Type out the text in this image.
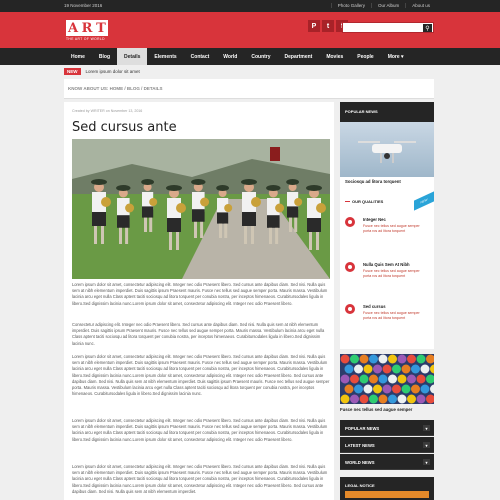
19 November 2016	Photo Gallery	Our Album	About us
A R T
THE ART OF WORLD
P	t	⚲
Home	Blog	Details	Elements	Contact	World	Country	Department	Movies	People	More ▾
NEW	Lorem ipsum dolor sit amet
KNOW ABOUT US: HOME / BLOG / DETAILS
Created by WRITER on November 13, 2016
Sed cursus ante
Lorem ipsum dolor sit amet, consectetur adipiscing elit. Integer nec odio Praesent libero. Sed cursus ante dapibus diam. Sed nisi. Nulla quis sem at nibh elementum imperdiet. Duis sagittis ipsum Praesent mauris. Fusce nec tellus sed augue semper porta. Mauris massa. Vestibulum lacinia arcu eget nulla Class aptent taciti sociosqu ad litora torquent per conubia nostra, per inceptos himenaeos. Curabitursodales ligula in libero.Sed dignissim lacinia nunc.Lorem ipsum dolor sit amet, consectetur adipiscing elit. Integer nec odio Praesent libero.
Consectetur adipiscing elit. Integer nec odio Praesent libero. Sed cursus ante dapibus diam. Sed nisi. Nulla quis sem at nibh elementum imperdiet. Duis sagittis ipsum Praesent mauris. Fusce nec tellus sed augue semper porta. Mauris massa. Vestibulum lacinia arcu eget nulla Class aptent taciti sociosqu ad litora torquent per conubia nostra, per inceptos himenaeos. Curabitursodales ligula in libero.Sed dignissim lacinia nunc.
Lorem ipsum dolor sit amet, consectetur adipiscing elit. Integer nec odio Praesent libero. Sed cursus ante dapibus diam. Sed nisi. Nulla quis sem at nibh elementum imperdiet. Duis sagittis ipsum Praesent mauris. Fusce nec tellus sed augue semper porta. Mauris massa. Vestibulum lacinia arcu eget nulla Class aptent taciti sociosqu ad litora torquent per conubia nostra, per inceptos himenaeos. Curabitursodales ligula in libero.Sed dignissim lacinia nunc.Lorem ipsum dolor sit amet, consectetur adipiscing elit. Integer nec odio Praesent libero. Sed cursus ante dapibus diam. Sed nisi. Nulla quis sem at nibh elementum imperdiet. Duis sagittis ipsum Praesent mauris. Fusce nec tellus sed augue semper porta. Mauris massa. Vestibulum lacinia arcu eget nulla Class aptent taciti sociosqu ad litora torquent per conubia nostra, per inceptos himenaeos. Curabitursodales ligula in libero.Sed dignissim lacinia nunc.
Lorem ipsum dolor sit amet, consectetur adipiscing elit. Integer nec odio Praesent libero. Sed cursus ante dapibus diam. Sed nisi. Nulla quis sem at nibh elementum imperdiet. Duis sagittis ipsum Praesent mauris. Fusce nec tellus sed augue semper porta. Mauris massa. Vestibulum lacinia arcu eget nulla Class aptent taciti sociosqu ad litora torquent per conubia nostra, per inceptos himenaeos. Curabitursodales ligula in libero.Sed dignissim lacinia nunc.Lorem ipsum dolor sit amet, consectetur adipiscing elit. Integer nec odio Praesent libero.
Lorem ipsum dolor sit amet, consectetur adipiscing elit. Integer nec odio Praesent libero. Sed cursus ante dapibus diam. Sed nisi. Nulla quis sem at nibh elementum imperdiet. Duis sagittis ipsum Praesent mauris. Fusce nec tellus sed augue semper porta. Mauris massa. Vestibulum lacinia arcu eget nulla Class aptent taciti sociosqu ad litora torquent per conubia nostra, per inceptos himenaeos. Curabitursodales ligula in libero.Sed dignissim lacinia nunc.Lorem ipsum dolor sit amet, consectetur adipiscing elit. Integer nec odio Praesent libero. Sed cursus ante dapibus diam. Sed nisi. Nulla quis sem at nibh elementum imperdiet.
POPULAR NEWS
Sociosqu ad litora torquent
OUR QUALITIES	NEW
Integer Nec
Fusce nec tellus sed augue semper porta ros ad litora torquent
Nulla Quis Sem At Nibh
Fusce nec tellus sed augue semper porta ros ad litora torquent
Sed cursus
Fusce nec tellus sed augue semper porta ros ad litora torquent
Fusce nec tellus sed augue semper
POPULAR NEWS	▾
LATEST NEWS	▾
WORLD NEWS	▾
LEGAL NOTICE
